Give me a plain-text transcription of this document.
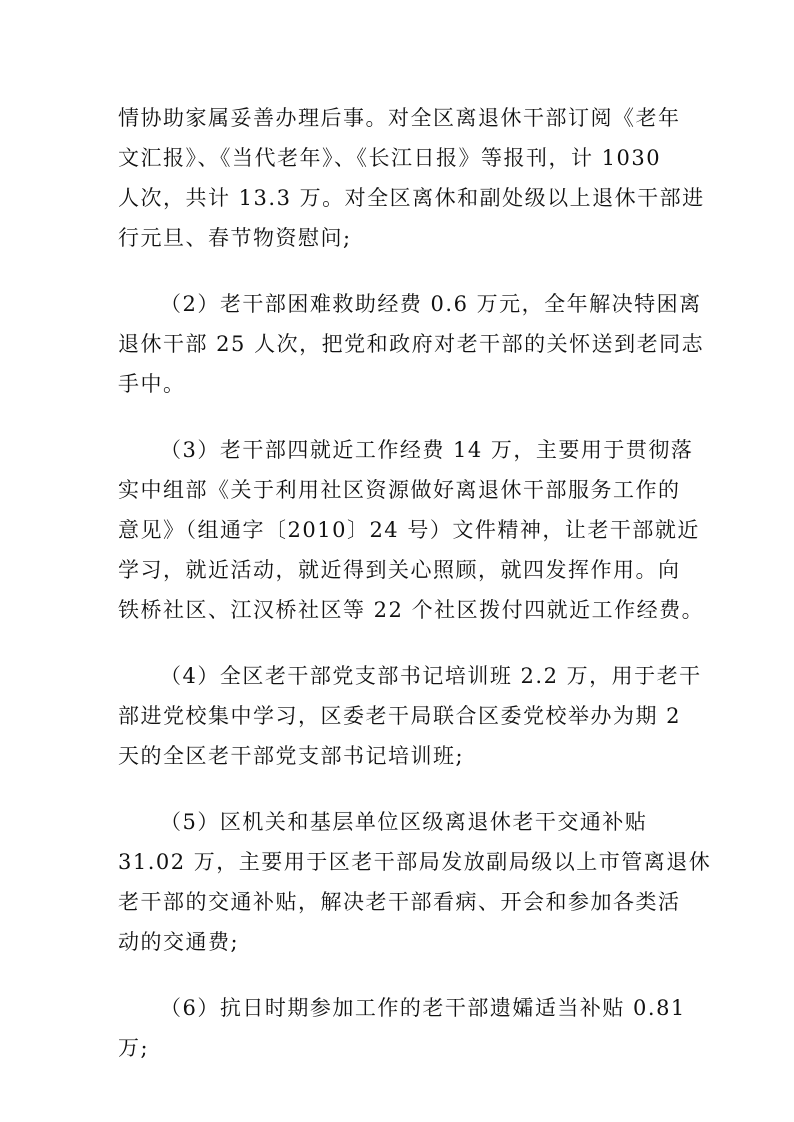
情协助家属妥善办理后事。对全区离退休干部订阅《老年
文汇报》、《当代老年》、《长江日报》等报刊，计 1030
人次，共计 13.3 万。对全区离休和副处级以上退休干部进
行元旦、春节物资慰问;

（2）老干部困难救助经费 0.6 万元，全年解决特困离
退休干部 25 人次，把党和政府对老干部的关怀送到老同志
手中。

（3）老干部四就近工作经费 14 万，主要用于贯彻落
实中组部《关于利用社区资源做好离退休干部服务工作的
意见》（组通字〔2010〕24 号）文件精神，让老干部就近
学习，就近活动，就近得到关心照顾，就四发挥作用。向
铁桥社区、江汉桥社区等 22 个社区拨付四就近工作经费。

（4）全区老干部党支部书记培训班 2.2 万，用于老干
部进党校集中学习，区委老干局联合区委党校举办为期 2
天的全区老干部党支部书记培训班;

（5）区机关和基层单位区级离退休老干交通补贴
31.02 万，主要用于区老干部局发放副局级以上市管离退休
老干部的交通补贴，解决老干部看病、开会和参加各类活
动的交通费;

（6）抗日时期参加工作的老干部遗孀适当补贴 0.81
万;
